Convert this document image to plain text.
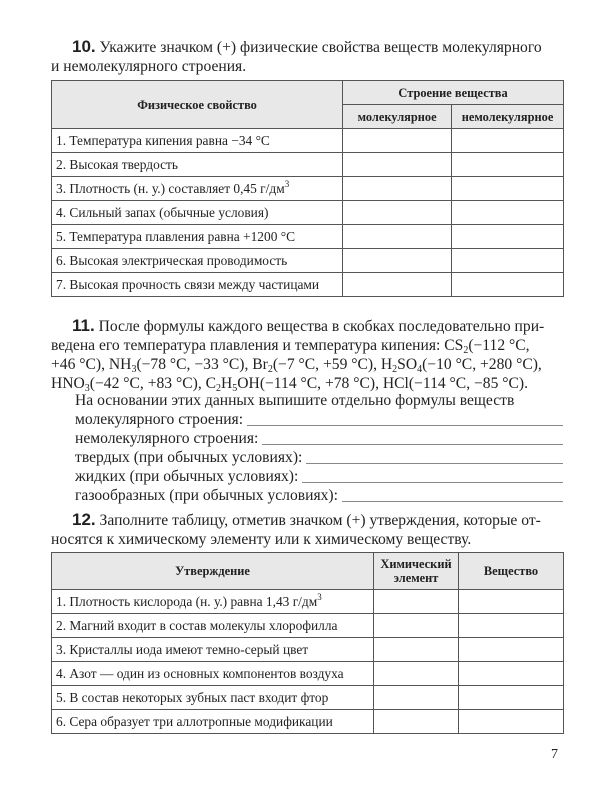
10. Укажите значком (+) физические свойства веществ молекулярного
и немолекулярного строения.
Физическое свойство	Строение вещества	
	молекулярное	немолекулярное
1. Температура кипения равна −34 °C		
2. Высокая твердость		
3. Плотность (н. у.) составляет 0,45 $г/дм^3$		
4. Сильный запах (обычные условия)		
5. Температура плавления равна +1200 °C		
6. Высокая электрическая проводимость		
7. Высокая прочность связи между частицами		
11. После формулы каждого вещества в скобках последовательно при-
ведена его температура плавления и температура кипения: $CS_2(-112$ °C,
+46 °C), $NH_3(-78$ °C, −33 °C), $Br_2(-7$ °C, +59 °C), $H_2SO_4(-10$ °C, +280 °C),
$HNO_3(-42$ °C, +83 °C), $C_2H_5OH(-114$ °C, +78 °C), HCl(−114 °C, −85 °C).
На основании этих данных выпишите отдельно формулы веществ
молекулярного строения:
немолекулярного строения:
твердых (при обычных условиях):
жидких (при обычных условиях):
газообразных (при обычных условиях):
12. Заполните таблицу, отметив значком (+) утверждения, которые от-
носятся к химическому элементу или к химическому веществу.
Утверждение	Химический элемент	Вещество
1. Плотность кислорода (н. у.) равна 1,43 $г/дм^3$		
2. Магний входит в состав молекулы хлорофилла		
3. Кристаллы иода имеют темно-серый цвет		
4. Азот — один из основных компонентов воздуха		
5. В состав некоторых зубных паст входит фтор		
6. Сера образует три аллотропные модификации		
7
